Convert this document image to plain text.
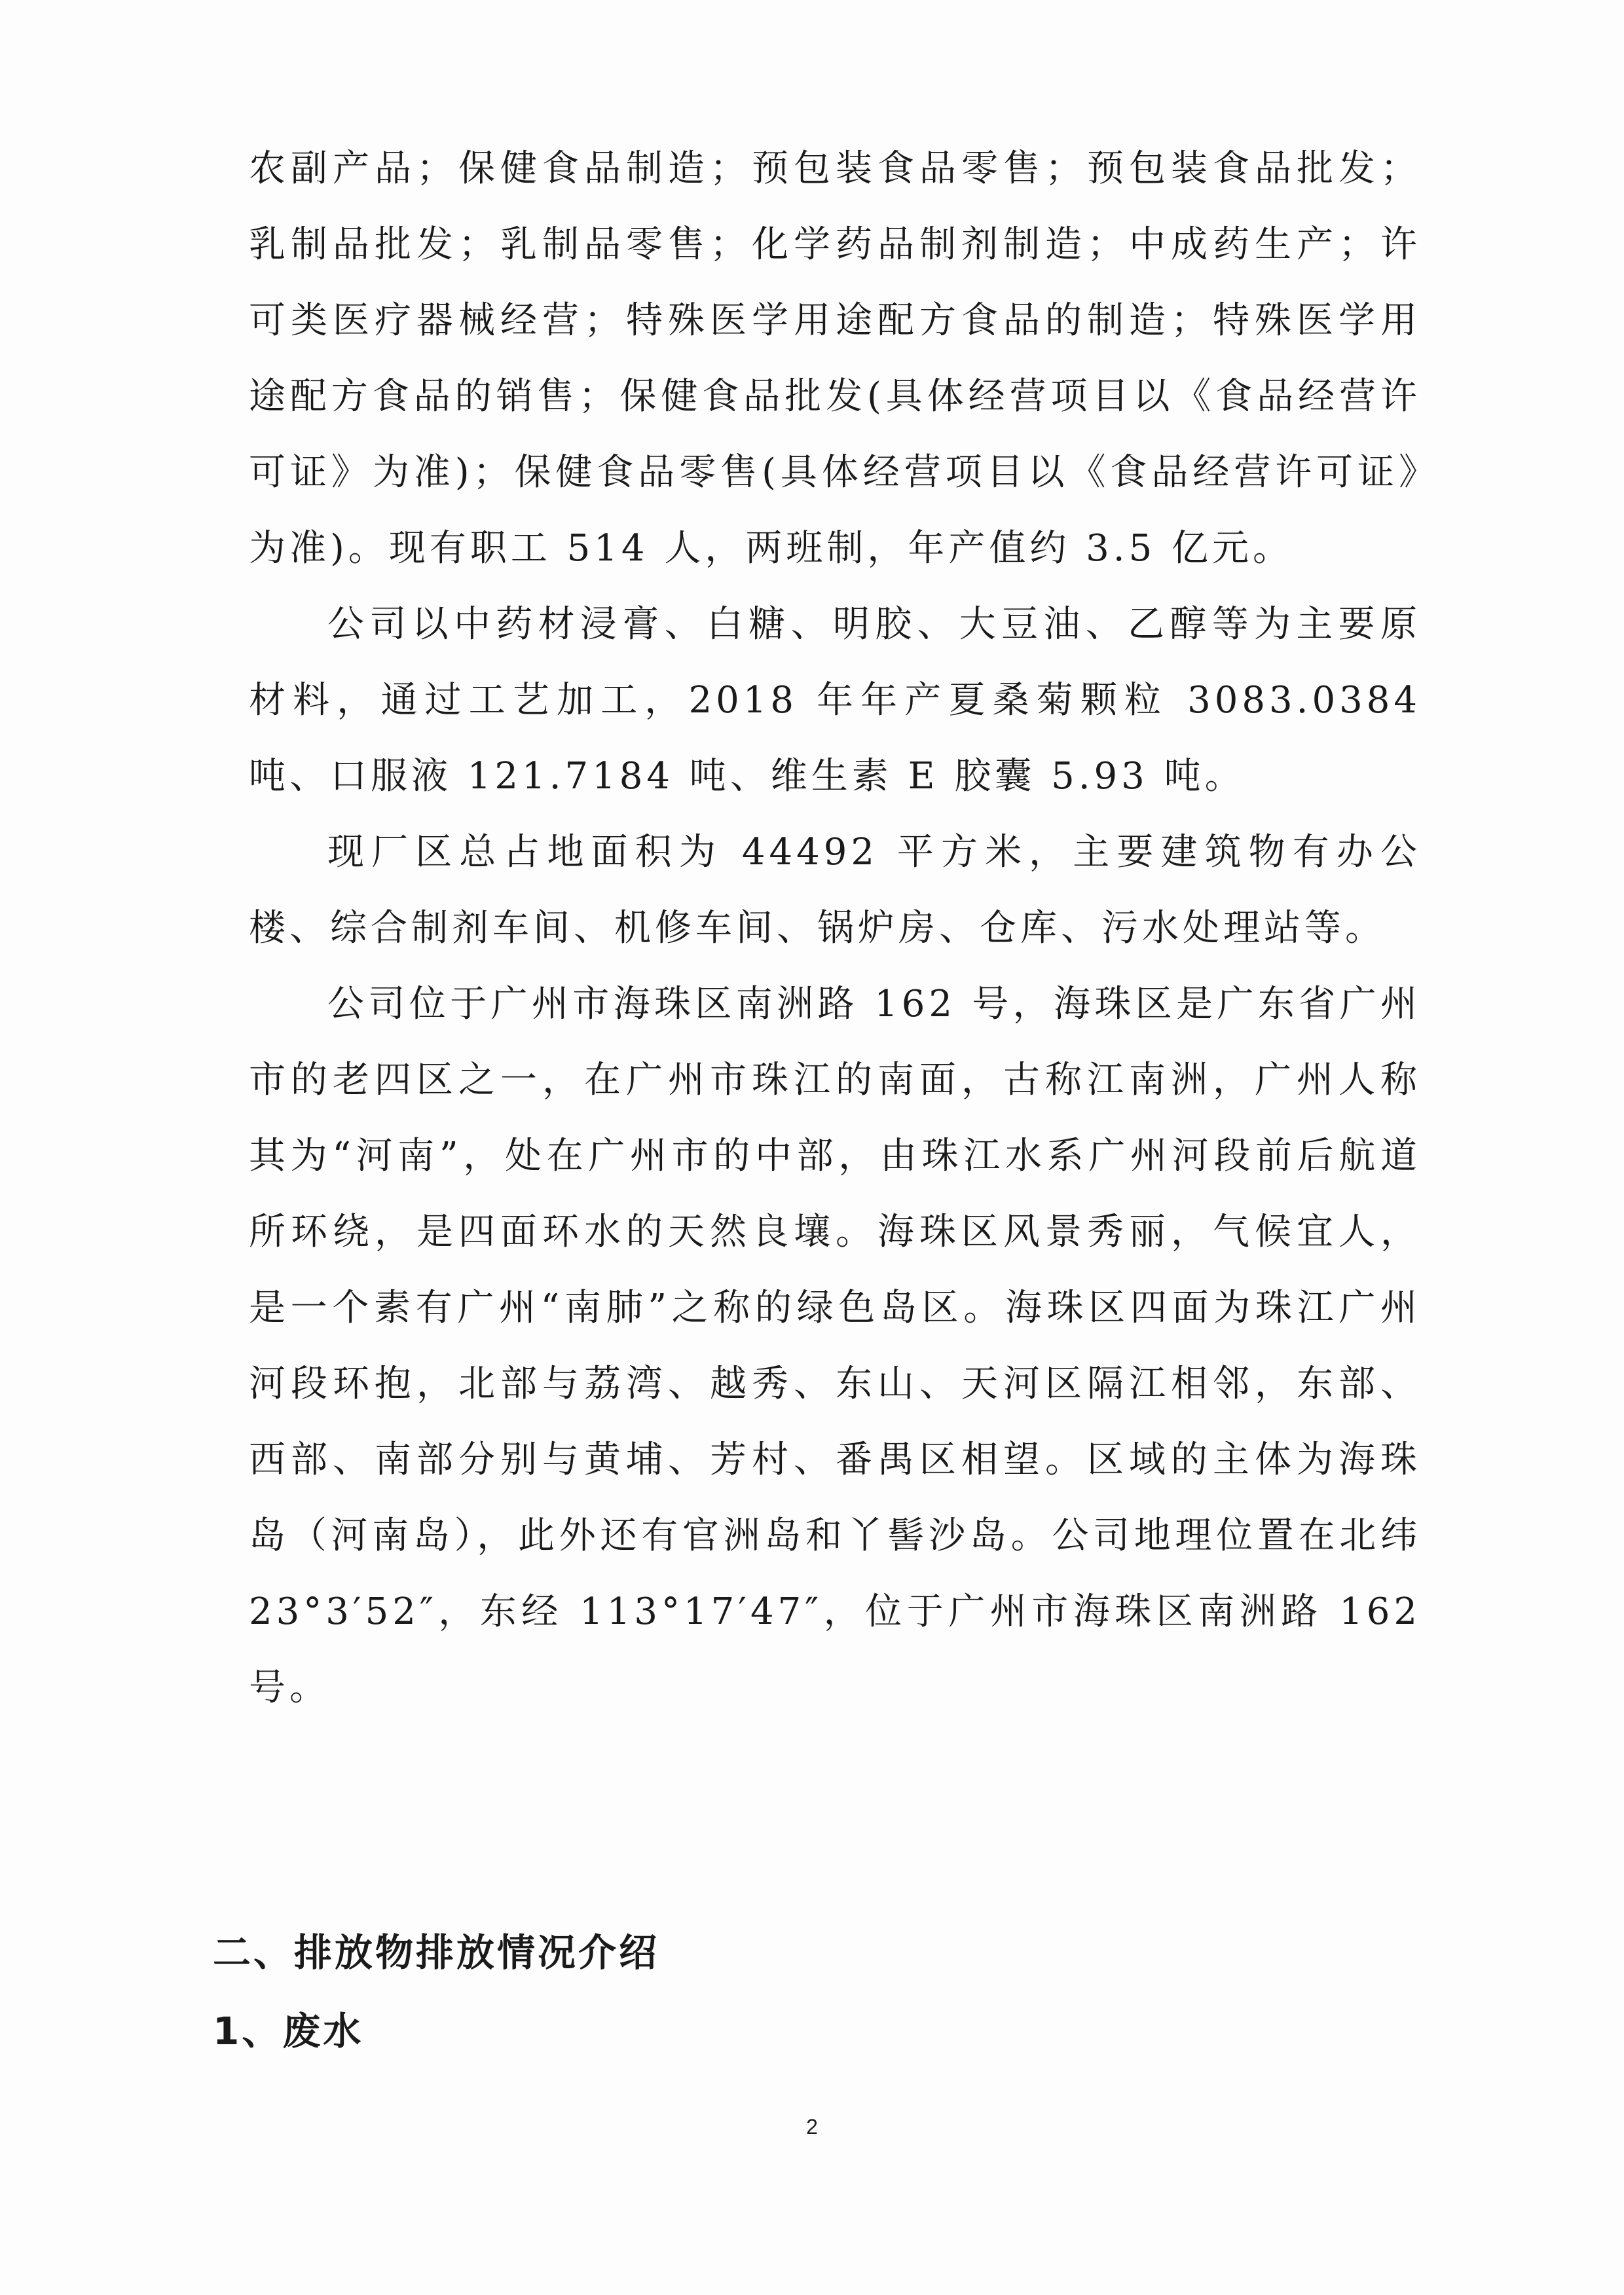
农副产品；保健食品制造；预包装食品零售；预包装食品批发；乳制品批发；乳制品零售；化学药品制剂制造；中成药生产；许可类医疗器械经营；特殊医学用途配方食品的制造；特殊医学用途配方食品的销售；保健食品批发(具体经营项目以《食品经营许可证》为准)；保健食品零售(具体经营项目以《食品经营许可证》为准)。现有职工 514 人，两班制，年产值约 3.5 亿元。

公司以中药材浸膏、白糖、明胶、大豆油、乙醇等为主要原材料，通过工艺加工，2018 年年产夏桑菊颗粒 3083.0384 吨、口服液 121.7184 吨、维生素 E 胶囊 5.93 吨。

现厂区总占地面积为 44492 平方米，主要建筑物有办公楼、综合制剂车间、机修车间、锅炉房、仓库、污水处理站等。

公司位于广州市海珠区南洲路 162 号，海珠区是广东省广州市的老四区之一，在广州市珠江的南面，古称江南洲，广州人称其为“河南”，处在广州市的中部，由珠江水系广州河段前后航道所环绕，是四面环水的天然良壤。海珠区风景秀丽，气候宜人，是一个素有广州“南肺”之称的绿色岛区。海珠区四面为珠江广州河段环抱，北部与荔湾、越秀、东山、天河区隔江相邻，东部、西部、南部分别与黄埔、芳村、番禺区相望。区域的主体为海珠岛（河南岛），此外还有官洲岛和丫髻沙岛。公司地理位置在北纬 23°3′52″，东经 113°17′47″，位于广州市海珠区南洲路 162 号。

二、排放物排放情况介绍
1、废水
2
